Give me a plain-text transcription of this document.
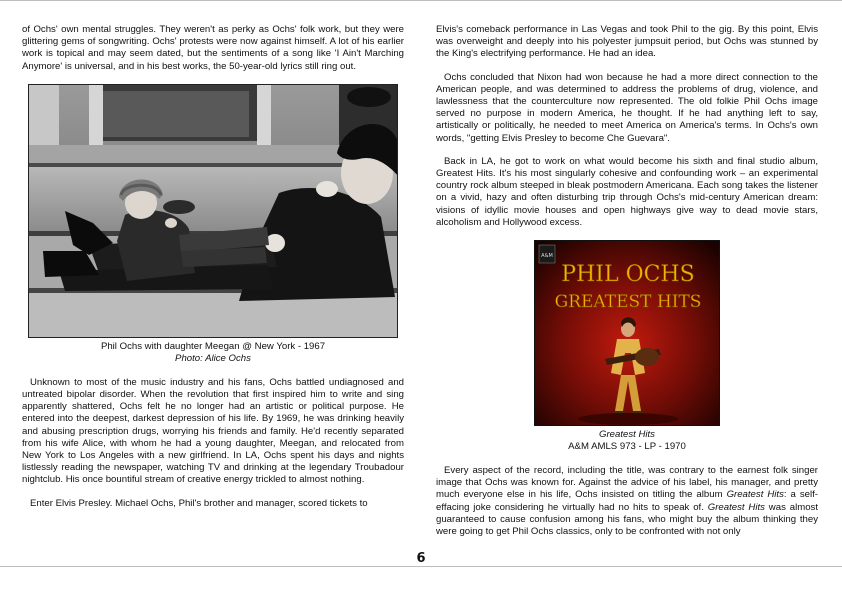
of Ochs' own mental struggles. They weren't as perky as Ochs' folk work, but they were glittering gems of songwriting. Ochs' protests were now against himself. A lot of his earlier work is topical and may seem dated, but the sentiments of a song like 'I Ain't Marching Anymore' is universal, and in his best works, the 50-year-old lyrics still ring out.

Phil Ochs with daughter Meegan @ New York - 1967
Photo: Alice Ochs

Unknown to most of the music industry and his fans, Ochs battled undiagnosed and untreated bipolar disorder. When the revolution that first inspired him to write and sing apparently shattered, Ochs felt he no longer had an artistic or political purpose. He entered into the deepest, darkest depression of his life. By 1969, he was drinking heavily and abusing prescription drugs, worrying his friends and family. He'd recently separated from his wife Alice, with whom he had a young daughter, Meegan, and relocated from New York to Los Angeles with a new girlfriend. In LA, Ochs spent his days and nights listlessly reading the newspaper, watching TV and drinking at the legendary Troubadour nightclub. His once bountiful stream of creative energy trickled to almost nothing.

Enter Elvis Presley. Michael Ochs, Phil's brother and manager, scored tickets to

Elvis's comeback performance in Las Vegas and took Phil to the gig. By this point, Elvis was overweight and deeply into his polyester jumpsuit period, but Ochs was stunned by the King's electrifying performance. He had an idea.

Ochs concluded that Nixon had won because he had a more direct connection to the American people, and was determined to address the problems of drug, violence, and lawlessness that the counterculture now represented. The old folkie Phil Ochs image served no purpose in modern America, he thought. If he had anything left to say, artistically or politically, he needed to meet America on America's terms. In Ochs's own words, "getting Elvis Presley to become Che Guevara".

Back in LA, he got to work on what would become his sixth and final studio album, Greatest Hits. It's his most singularly cohesive and confounding work – an experimental country rock album steeped in bleak postmodern Americana. Each song takes the listener on a vivid, hazy and often disturbing trip through Ochs's mid-century American dream: visions of idyllic movie houses and open highways give way to dead movie stars, alcoholism and Hollywood excess.

A&M
PHIL OCHS
GREATEST HITS
Greatest Hits
A&M AMLS 973 - LP - 1970

Every aspect of the record, including the title, was contrary to the earnest folk singer image that Ochs was known for. Against the advice of his label, his manager, and pretty much everyone else in his life, Ochs insisted on titling the album Greatest Hits: a self-effacing joke considering he virtually had no hits to speak of. Greatest Hits was almost guaranteed to cause confusion among his fans, who might buy the album thinking they were going to get Phil Ochs classics, only to be confronted with not only

6
